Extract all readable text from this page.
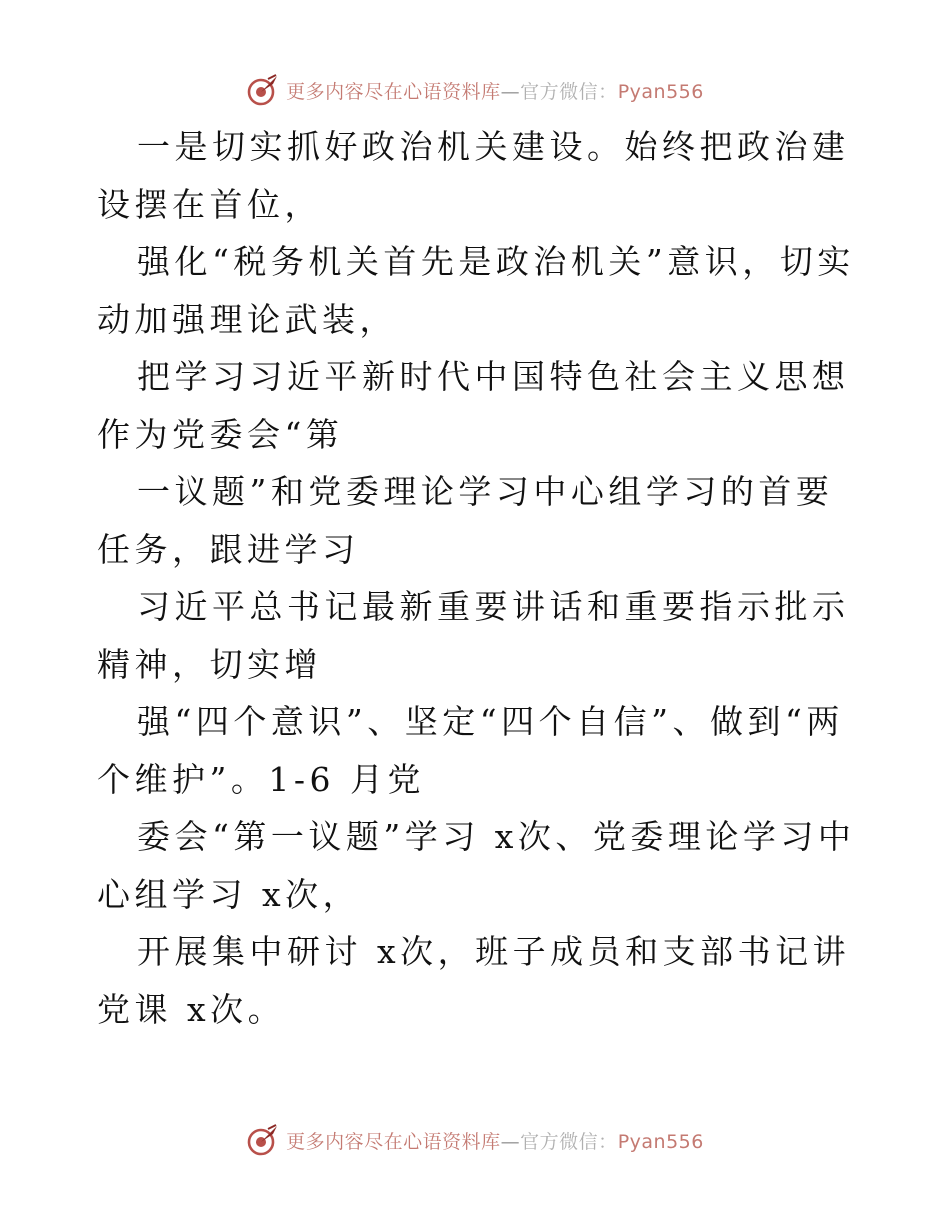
更多内容尽在心语资料库—官方微信：Pyan556

一是切实抓好政治机关建设。始终把政治建设摆在首位，

强化“税务机关首先是政治机关”意识，切实动加强理论武装，

把学习习近平新时代中国特色社会主义思想作为党委会“第

一议题”和党委理论学习中心组学习的首要任务，跟进学习

习近平总书记最新重要讲话和重要指示批示精神，切实增

强“四个意识”、坚定“四个自信”、做到“两个维护”。1-6 月党

委会“第一议题”学习 x次、党委理论学习中心组学习 x次，

开展集中研讨 x次，班子成员和支部书记讲党课 x次。

更多内容尽在心语资料库—官方微信：Pyan556
